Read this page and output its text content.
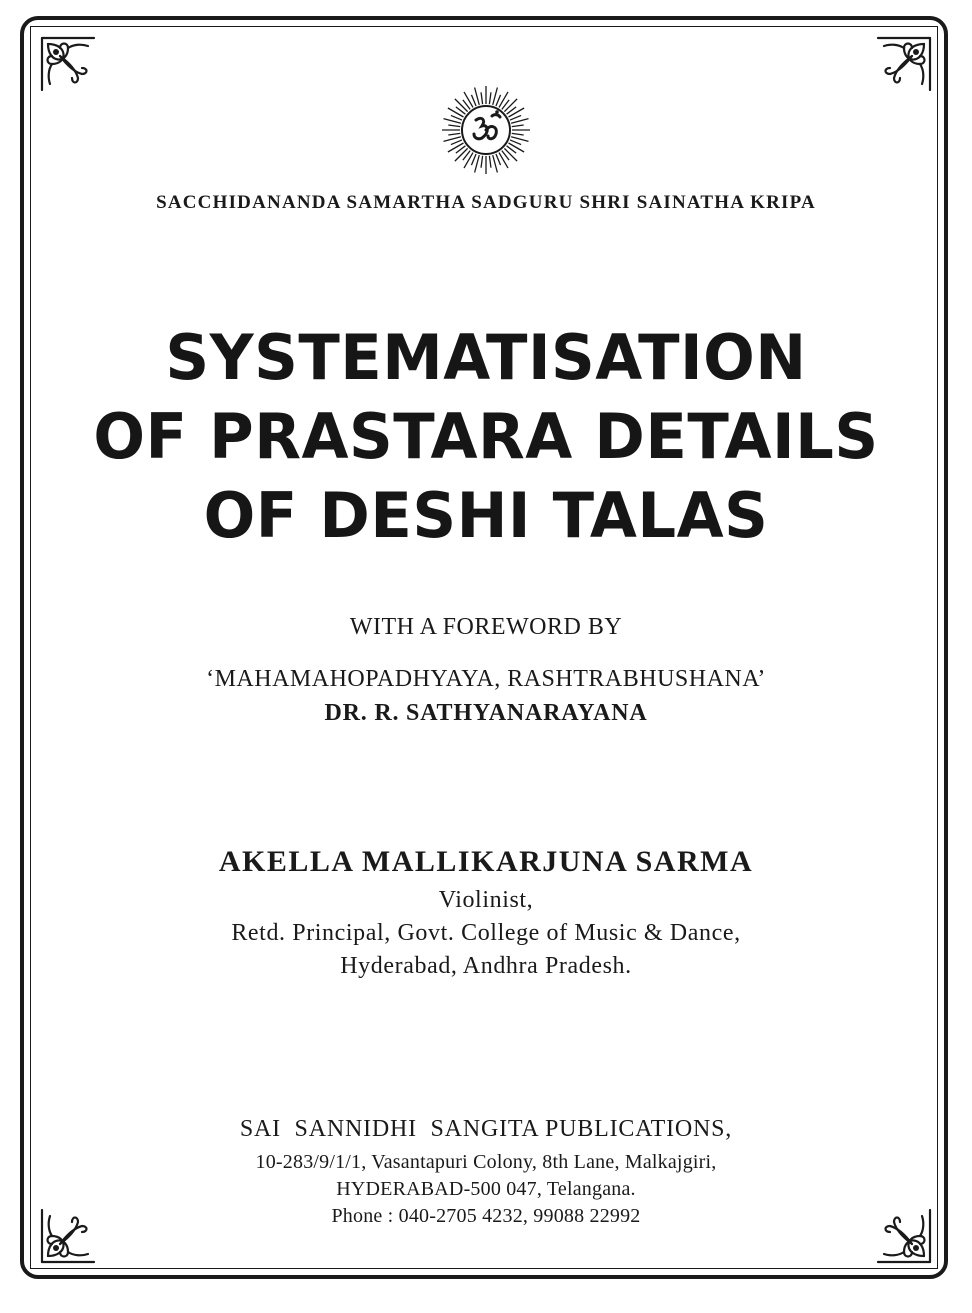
SACCHIDANANDA SAMARTHA SADGURU SHRI SAINATHA KRIPA
SYSTEMATISATION
OF PRASTARA DETAILS
OF DESHI TALAS
WITH A FOREWORD BY
‘MAHAMAHOPADHYAYA, RASHTRABHUSHANA’
DR. R. SATHYANARAYANA
AKELLA MALLIKARJUNA SARMA
Violinist,
Retd. Principal, Govt. College of Music & Dance,
Hyderabad, Andhra Pradesh.
SAI  SANNIDHI  SANGITA PUBLICATIONS,
10-283/9/1/1, Vasantapuri Colony, 8th Lane, Malkajgiri,
HYDERABAD-500 047, Telangana.
Phone : 040-2705 4232, 99088 22992
